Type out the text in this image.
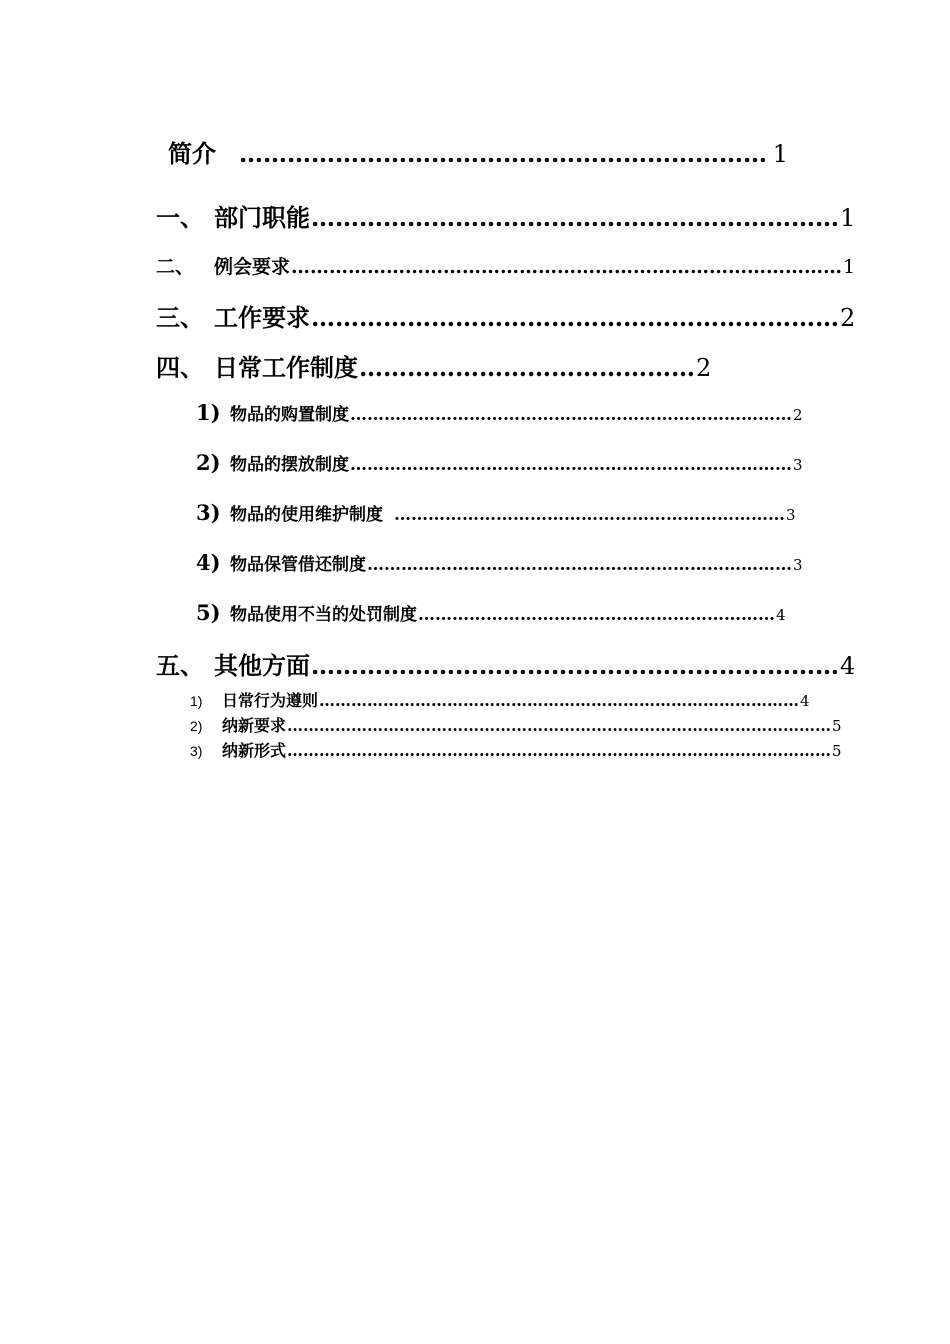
简介 ………………………………………………………… 1
一、 部门职能 ………………………………………………………… 1
二、	例会要求 …………………………………………………………………………… 1
三、 工作要求 ………………………………………………………… 2
四、 日常工作制度 …………………………………… 2
1) 物品的购置制度 …………………………………………………………………… 2
2) 物品的摆放制度 …………………………………………………………………… 3
3) 物品的使用维护制度 …………………………………………………………… 3
4) 物品保管借还制度 ………………………………………………………………… 3
5) 物品使用不当的处罚制度 ……………………………………………………… 4
五、 其他方面 ………………………………………………………… 4
1)	日常行为遵则 ……………………………………………………………………………… 4
2)	纳新要求 ………………………………………………………………………………………… 5
3)	纳新形式 ………………………………………………………………………………………… 5
